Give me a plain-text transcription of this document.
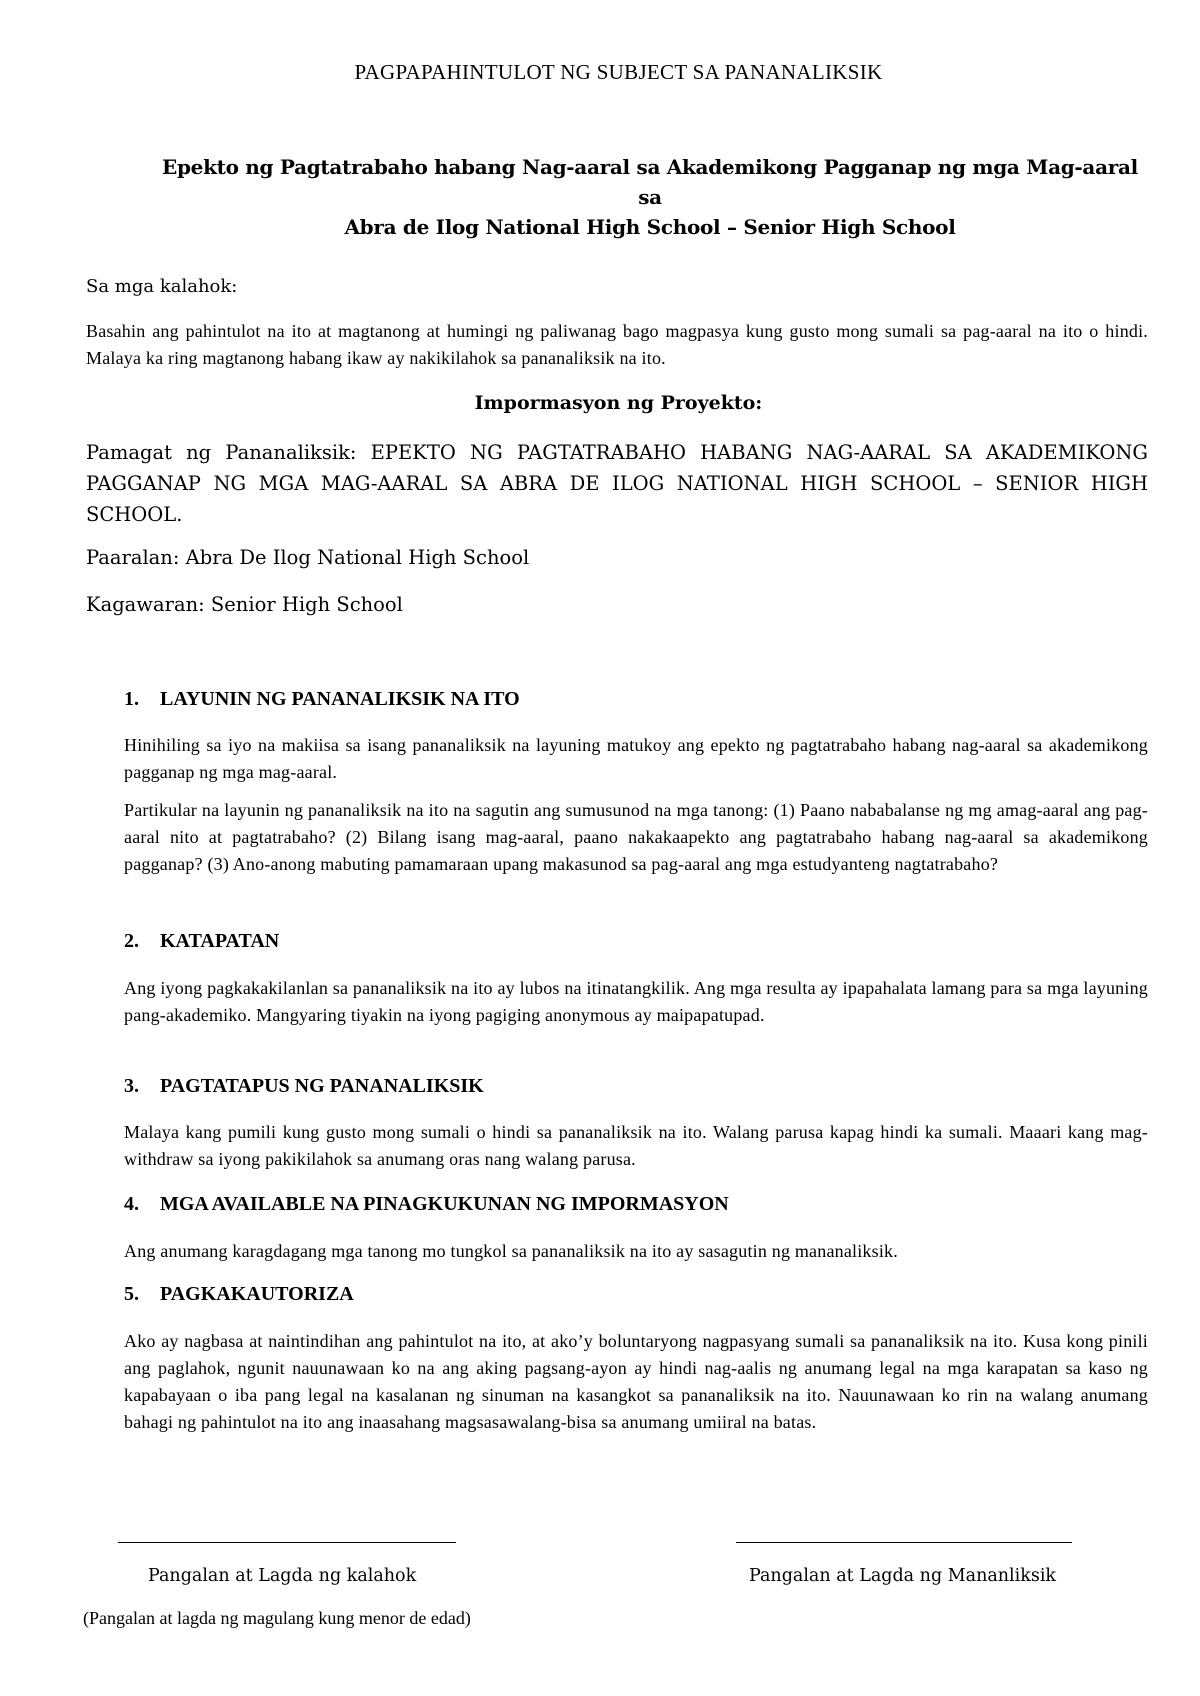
PAGPAPAHINTULOT NG SUBJECT SA PANANALIKSIK
Epekto ng Pagtatrabaho habang Nag-aaral sa Akademikong Pagganap ng mga Mag-aaral sa
Abra de Ilog National High School – Senior High School
Sa mga kalahok:
Basahin ang pahintulot na ito at magtanong at humingi ng paliwanag bago magpasya kung gusto mong sumali sa pag-aaral na ito o hindi. Malaya ka ring magtanong habang ikaw ay nakikilahok sa pananaliksik na ito.
Impormasyon ng Proyekto:
Pamagat ng Pananaliksik: EPEKTO NG PAGTATRABAHO HABANG NAG-AARAL SA AKADEMIKONG PAGGANAP NG MGA MAG-AARAL SA ABRA DE ILOG NATIONAL HIGH SCHOOL – SENIOR HIGH SCHOOL.
Paaralan: Abra De Ilog National High School
Kagawaran: Senior High School
1. LAYUNIN NG PANANALIKSIK NA ITO

Hinihiling sa iyo na makiisa sa isang pananaliksik na layuning matukoy ang epekto ng pagtatrabaho habang nag-aaral sa akademikong pagganap ng mga mag-aaral.

Partikular na layunin ng pananaliksik na ito na sagutin ang sumusunod na mga tanong: (1) Paano nababalanse ng mg amag-aaral ang pag-aaral nito at pagtatrabaho? (2) Bilang isang mag-aaral, paano nakakaapekto ang pagtatrabaho habang nag-aaral sa akademikong pagganap? (3) Ano-anong mabuting pamamaraan upang makasunod sa pag-aaral ang mga estudyanteng nagtatrabaho?

2. KATAPATAN

Ang iyong pagkakakilanlan sa pananaliksik na ito ay lubos na itinatangkilik. Ang mga resulta ay ipapahalata lamang para sa mga layuning pang-akademiko. Mangyaring tiyakin na iyong pagiging anonymous ay maipapatupad.

3. PAGTATAPUS NG PANANALIKSIK

Malaya kang pumili kung gusto mong sumali o hindi sa pananaliksik na ito. Walang parusa kapag hindi ka sumali. Maaari kang mag-withdraw sa iyong pakikilahok sa anumang oras nang walang parusa.

4. MGA AVAILABLE NA PINAGKUKUNAN NG IMPORMASYON

Ang anumang karagdagang mga tanong mo tungkol sa pananaliksik na ito ay sasagutin ng mananaliksik.

5. PAGKAKAUTORIZA

Ako ay nagbasa at naintindihan ang pahintulot na ito, at ako’y boluntaryong nagpasyang sumali sa pananaliksik na ito. Kusa kong pinili ang paglahok, ngunit nauunawaan ko na ang aking pagsang-ayon ay hindi nag-aalis ng anumang legal na mga karapatan sa kaso ng kapabayaan o iba pang legal na kasalanan ng sinuman na kasangkot sa pananaliksik na ito. Nauunawaan ko rin na walang anumang bahagi ng pahintulot na ito ang inaasahang magsasawalang-bisa sa anumang umiiral na batas.

Pangalan at Lagda ng kalahok	Pangalan at Lagda ng Mananliksik
(Pangalan at lagda ng magulang kung menor de edad)
